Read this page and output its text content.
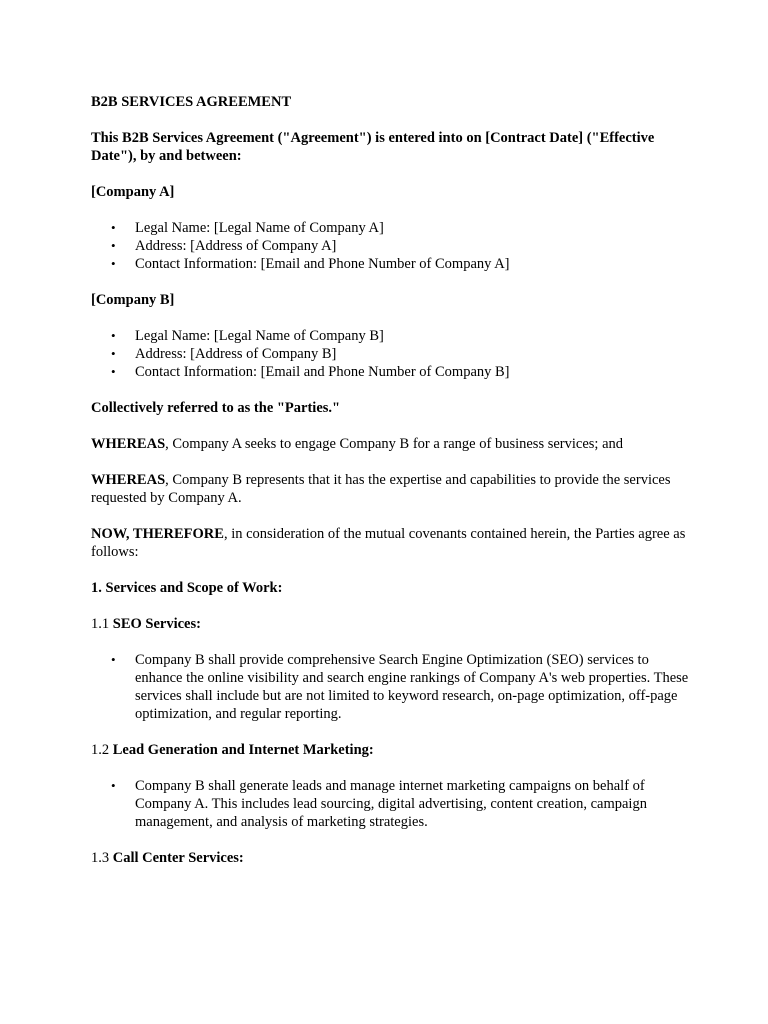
B2B SERVICES AGREEMENT

This B2B Services Agreement ("Agreement") is entered into on [Contract Date] ("Effective Date"), by and between:

[Company A]

• Legal Name: [Legal Name of Company A]
• Address: [Address of Company A]
• Contact Information: [Email and Phone Number of Company A]

[Company B]

• Legal Name: [Legal Name of Company B]
• Address: [Address of Company B]
• Contact Information: [Email and Phone Number of Company B]

Collectively referred to as the "Parties."

WHEREAS, Company A seeks to engage Company B for a range of business services; and

WHEREAS, Company B represents that it has the expertise and capabilities to provide the services requested by Company A.

NOW, THEREFORE, in consideration of the mutual covenants contained herein, the Parties agree as follows:

1. Services and Scope of Work:

1.1 SEO Services:

• Company B shall provide comprehensive Search Engine Optimization (SEO) services to enhance the online visibility and search engine rankings of Company A's web properties. These services shall include but are not limited to keyword research, on-page optimization, off-page optimization, and regular reporting.

1.2 Lead Generation and Internet Marketing:

• Company B shall generate leads and manage internet marketing campaigns on behalf of Company A. This includes lead sourcing, digital advertising, content creation, campaign management, and analysis of marketing strategies.

1.3 Call Center Services:
